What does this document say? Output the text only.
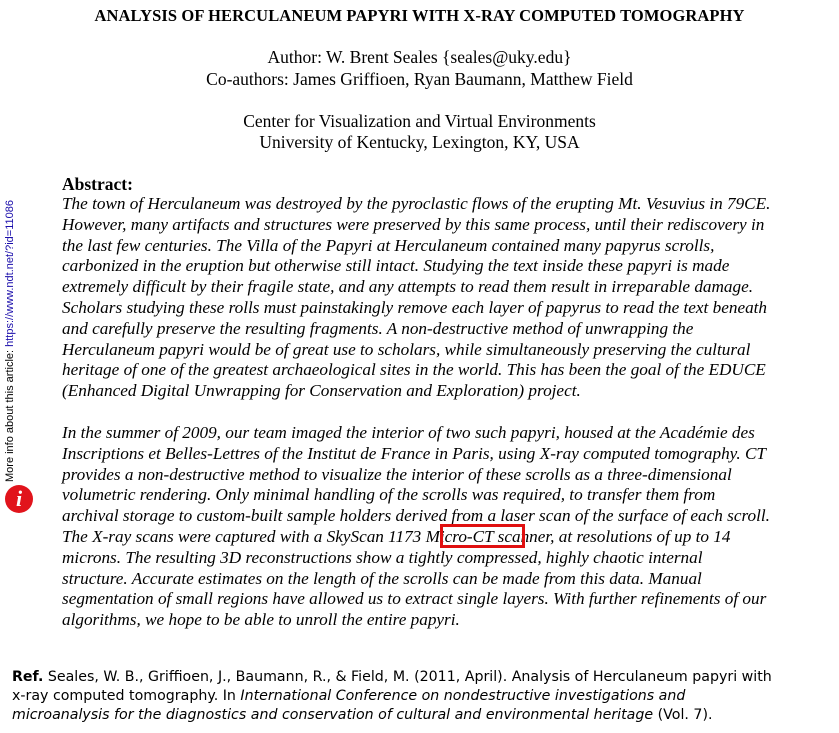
ANALYSIS OF HERCULANEUM PAPYRI WITH X-RAY COMPUTED TOMOGRAPHY
Author: W. Brent Seales {seales@uky.edu}
Co-authors: James Griffioen, Ryan Baumann, Matthew Field
Center for Visualization and Virtual Environments
University of Kentucky, Lexington, KY, USA
Abstract:
The town of Herculaneum was destroyed by the pyroclastic flows of the erupting Mt. Vesuvius in 79CE.
However, many artifacts and structures were preserved by this same process, until their rediscovery in
the last few centuries. The Villa of the Papyri at Herculaneum contained many papyrus scrolls,
carbonized in the eruption but otherwise still intact. Studying the text inside these papyri is made
extremely difficult by their fragile state, and any attempts to read them result in irreparable damage.
Scholars studying these rolls must painstakingly remove each layer of papyrus to read the text beneath
and carefully preserve the resulting fragments. A non-destructive method of unwrapping the
Herculaneum papyri would be of great use to scholars, while simultaneously preserving the cultural
heritage of one of the greatest archaeological sites in the world. This has been the goal of the EDUCE
(Enhanced Digital Unwrapping for Conservation and Exploration) project.
In the summer of 2009, our team imaged the interior of two such papyri, housed at the Académie des
Inscriptions et Belles-Lettres of the Institut de France in Paris, using X-ray computed tomography. CT
provides a non-destructive method to visualize the interior of these scrolls as a three-dimensional
volumetric rendering. Only minimal handling of the scrolls was required, to transfer them from
archival storage to custom-built sample holders derived from a laser scan of the surface of each scroll.
The X-ray scans were captured with a SkyScan 1173 Micro-CT scanner, at resolutions of up to 14
microns. The resulting 3D reconstructions show a tightly compressed, highly chaotic internal
structure. Accurate estimates on the length of the scrolls can be made from this data. Manual
segmentation of small regions have allowed us to extract single layers. With further refinements of our
algorithms, we hope to be able to unroll the entire papyri.
More info about this article: https://www.ndt.net/?id=11086
i
Ref. Seales, W. B., Griffioen, J., Baumann, R., & Field, M. (2011, April). Analysis of Herculaneum papyri with
x-ray computed tomography. In International Conference on nondestructive investigations and
microanalysis for the diagnostics and conservation of cultural and environmental heritage (Vol. 7).
